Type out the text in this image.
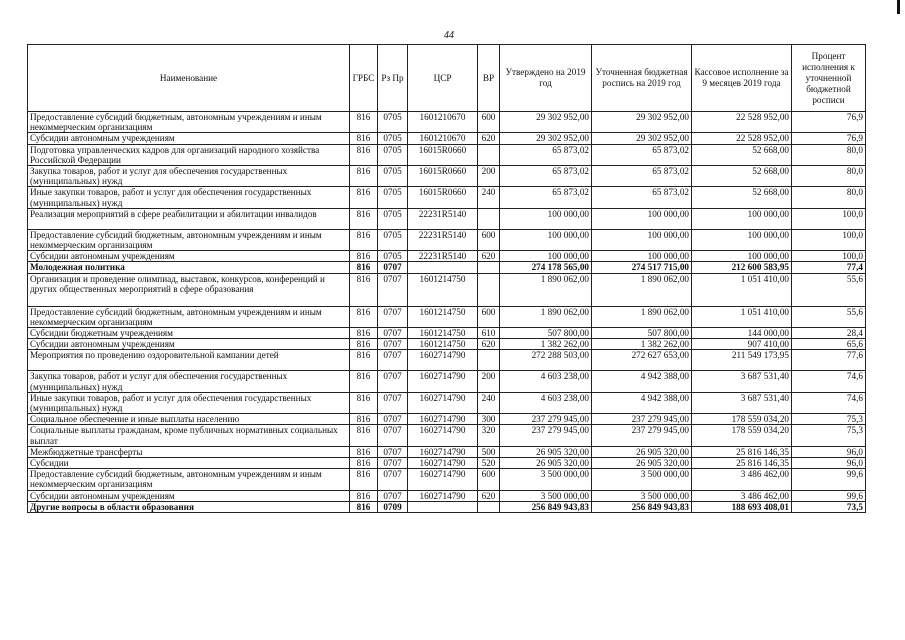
44
Наименование	ГРБС	Рз Пр	ЦСР	ВР	Утверждено на 2019 год	Уточненная бюджетная роспись на 2019 год	Кассовое исполнение за 9 месяцев 2019 года	Процент исполнения к уточненной бюджетной росписи
Предоставление субсидий бюджетным, автономным учреждениям и иным некоммерческим организациям	816	0705	1601210670	600	29 302 952,00	29 302 952,00	22 528 952,00	76,9
Субсидии автономным учреждениям	816	0705	1601210670	620	29 302 952,00	29 302 952,00	22 528 952,00	76,9
Подготовка управленческих кадров для организаций народного хозяйства Российской Федерации	816	0705	16015R0660		65 873,02	65 873,02	52 668,00	80,0
Закупка товаров, работ и услуг для обеспечения государственных (муниципальных) нужд	816	0705	16015R0660	200	65 873,02	65 873,02	52 668,00	80,0
Иные закупки товаров, работ и услуг для обеспечения государственных (муниципальных) нужд	816	0705	16015R0660	240	65 873,02	65 873,02	52 668,00	80,0
Реализация мероприятий в сфере реабилитации и абилитации инвалидов	816	0705	22231R5140		100 000,00	100 000,00	100 000,00	100,0
Предоставление субсидий бюджетным, автономным учреждениям и иным некоммерческим организациям	816	0705	22231R5140	600	100 000,00	100 000,00	100 000,00	100,0
Субсидии автономным учреждениям	816	0705	22231R5140	620	100 000,00	100 000,00	100 000,00	100,0
Молодежная политика	816	0707			274 178 565,00	274 517 715,00	212 600 583,95	77,4
Организация и проведение олимпиад, выставок, конкурсов, конференций и других общественных мероприятий в сфере образования	816	0707	1601214750		1 890 062,00	1 890 062,00	1 051 410,00	55,6
Предоставление субсидий бюджетным, автономным учреждениям и иным некоммерческим организациям	816	0707	1601214750	600	1 890 062,00	1 890 062,00	1 051 410,00	55,6
Субсидии бюджетным учреждениям	816	0707	1601214750	610	507 800,00	507 800,00	144 000,00	28,4
Субсидии автономным учреждениям	816	0707	1601214750	620	1 382 262,00	1 382 262,00	907 410,00	65,6
Мероприятия по проведению оздоровительной кампании детей	816	0707	1602714790		272 288 503,00	272 627 653,00	211 549 173,95	77,6
Закупка товаров, работ и услуг для обеспечения государственных (муниципальных) нужд	816	0707	1602714790	200	4 603 238,00	4 942 388,00	3 687 531,40	74,6
Иные закупки товаров, работ и услуг для обеспечения государственных (муниципальных) нужд	816	0707	1602714790	240	4 603 238,00	4 942 388,00	3 687 531,40	74,6
Социальное обеспечение и иные выплаты населению	816	0707	1602714790	300	237 279 945,00	237 279 945,00	178 559 034,20	75,3
Социальные выплаты гражданам, кроме публичных нормативных социальных выплат	816	0707	1602714790	320	237 279 945,00	237 279 945,00	178 559 034,20	75,3
Межбюджетные трансферты	816	0707	1602714790	500	26 905 320,00	26 905 320,00	25 816 146,35	96,0
Субсидии	816	0707	1602714790	520	26 905 320,00	26 905 320,00	25 816 146,35	96,0
Предоставление субсидий бюджетным, автономным учреждениям и иным некоммерческим организациям	816	0707	1602714790	600	3 500 000,00	3 500 000,00	3 486 462,00	99,6
Субсидии автономным учреждениям	816	0707	1602714790	620	3 500 000,00	3 500 000,00	3 486 462,00	99,6
Другие вопросы в области образования	816	0709			256 849 943,83	256 849 943,83	188 693 408,01	73,5
